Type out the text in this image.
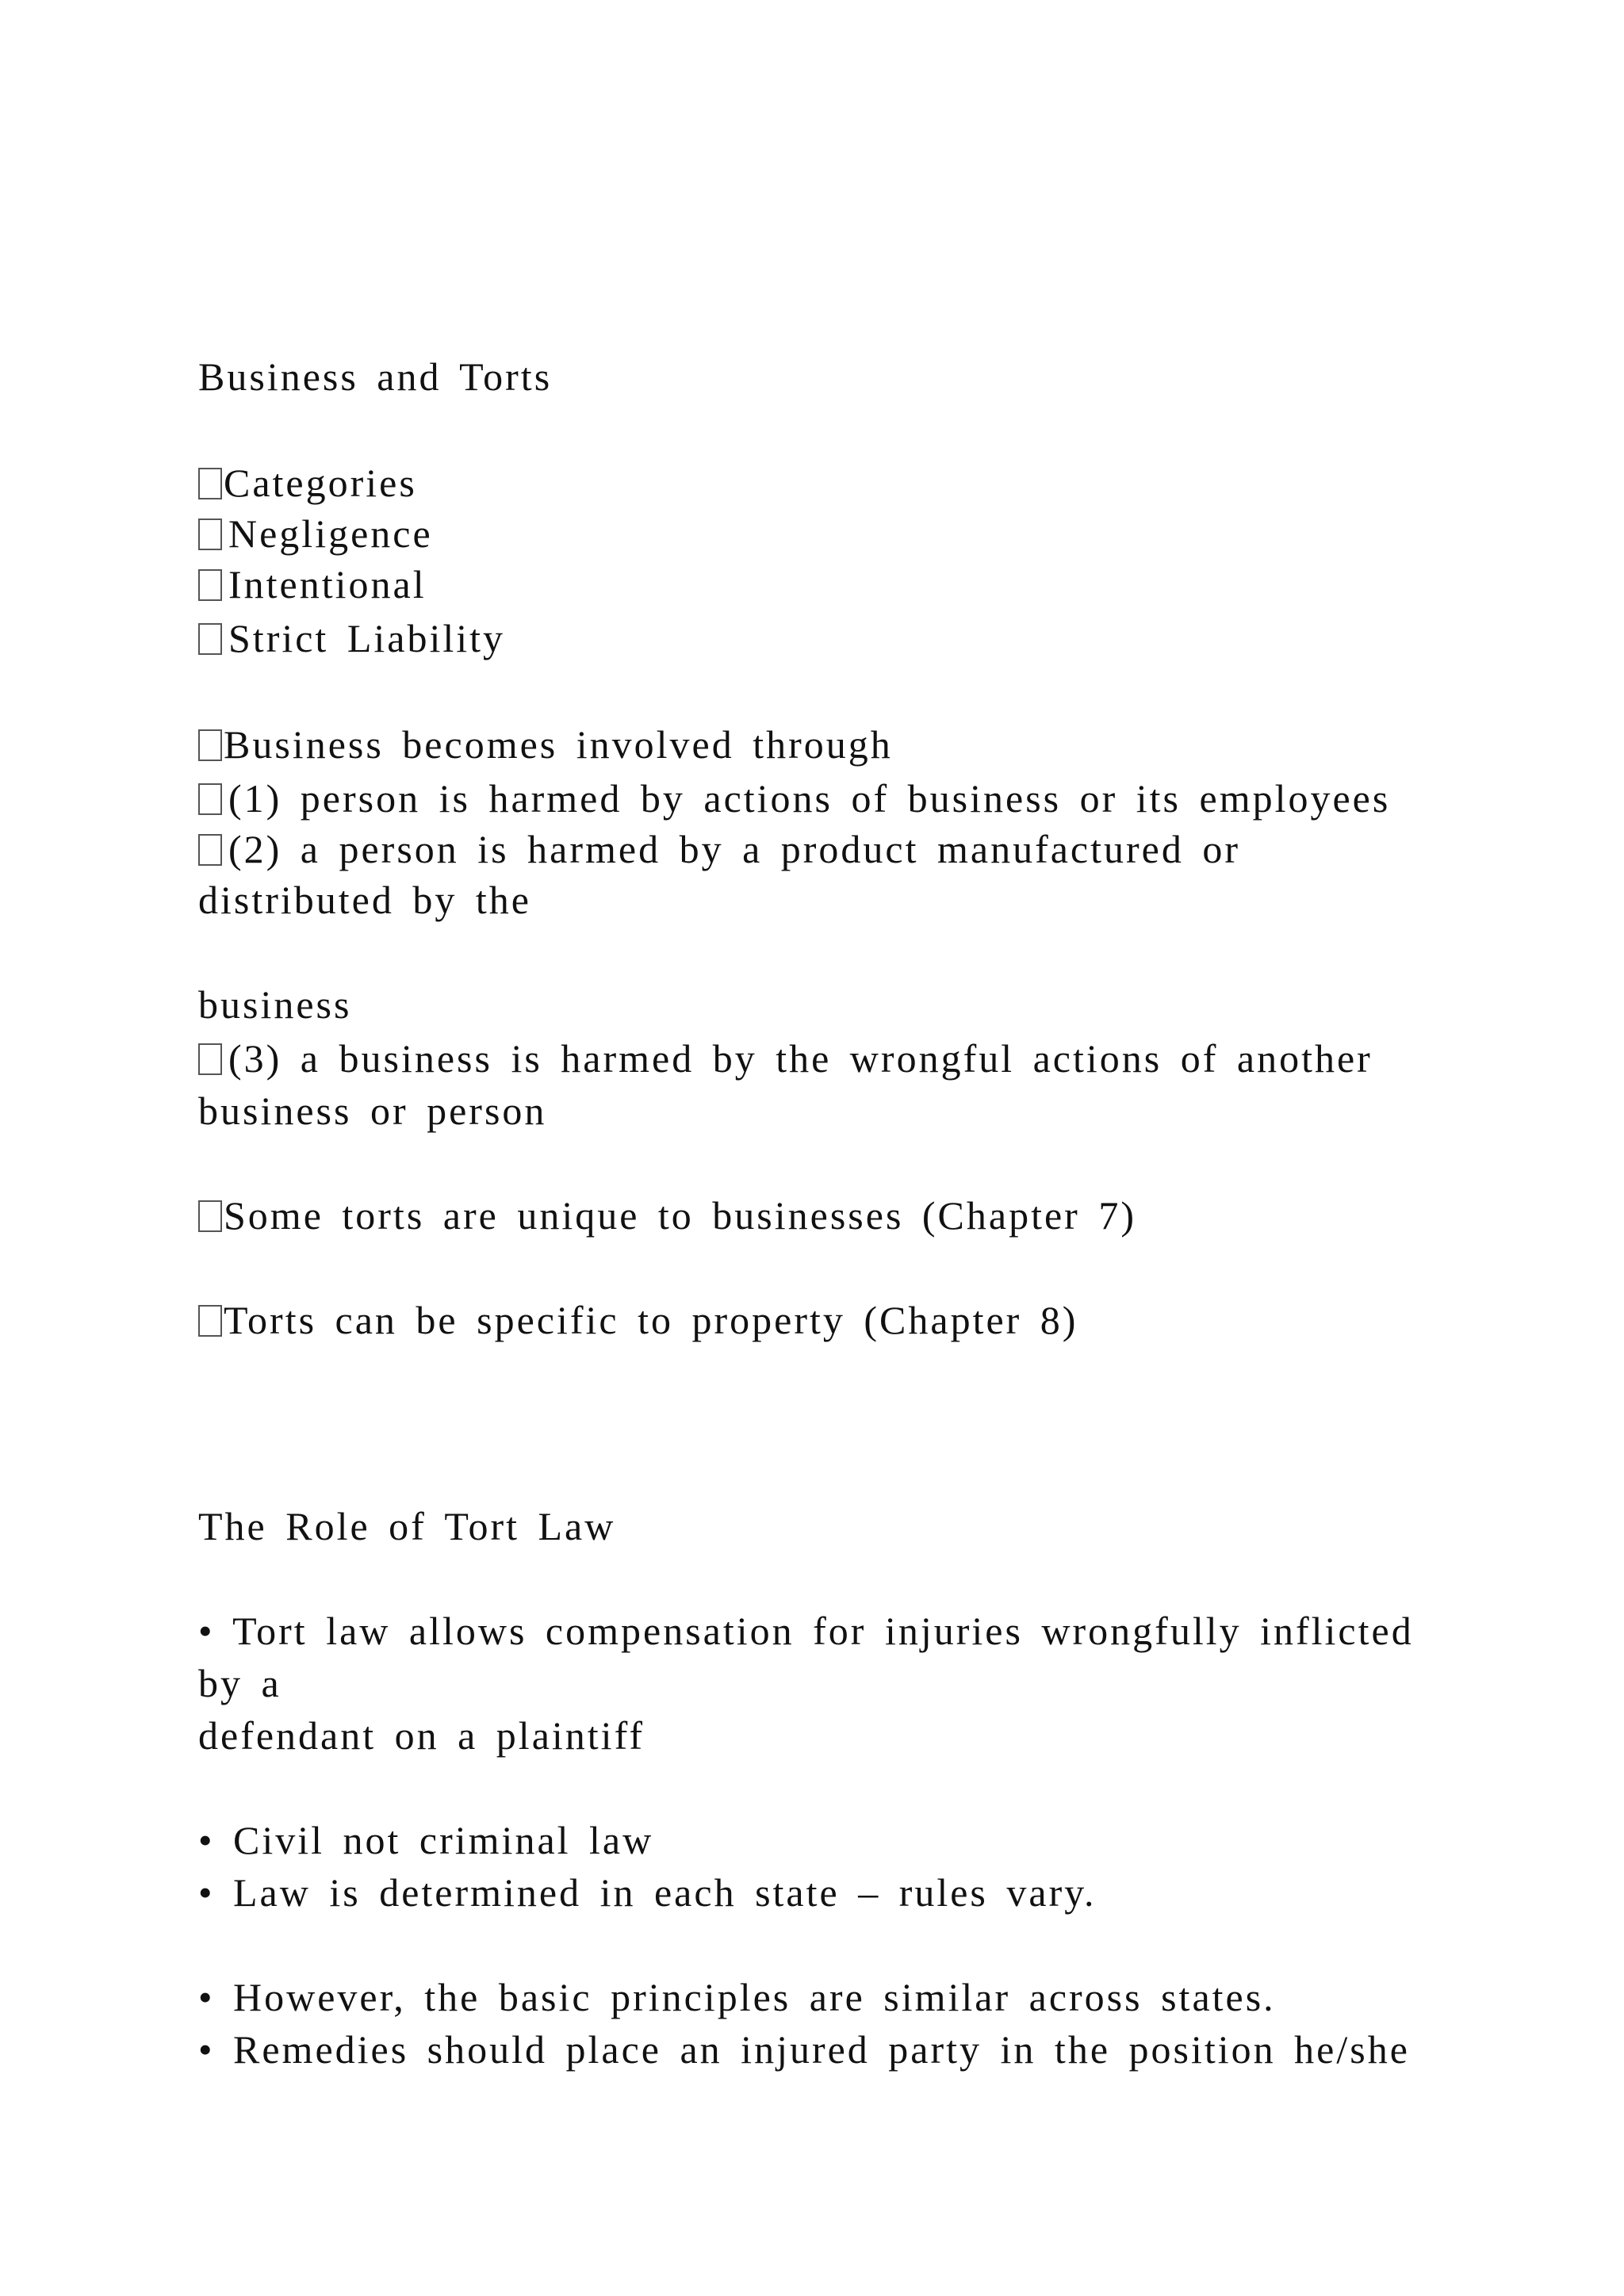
Business and Torts
Categories
Negligence
Intentional
Strict Liability
Business becomes involved through
(1) person is harmed by actions of business or its employees
(2) a person is harmed by a product manufactured or
distributed by the
business
(3) a business is harmed by the wrongful actions of another
business or person
Some torts are unique to businesses (Chapter 7)
Torts can be specific to property (Chapter 8)
The Role of Tort Law
• Tort law allows compensation for injuries wrongfully inflicted
by a
defendant on a plaintiff
• Civil not criminal law
• Law is determined in each state – rules vary.
• However, the basic principles are similar across states.
• Remedies should place an injured party in the position he/she
